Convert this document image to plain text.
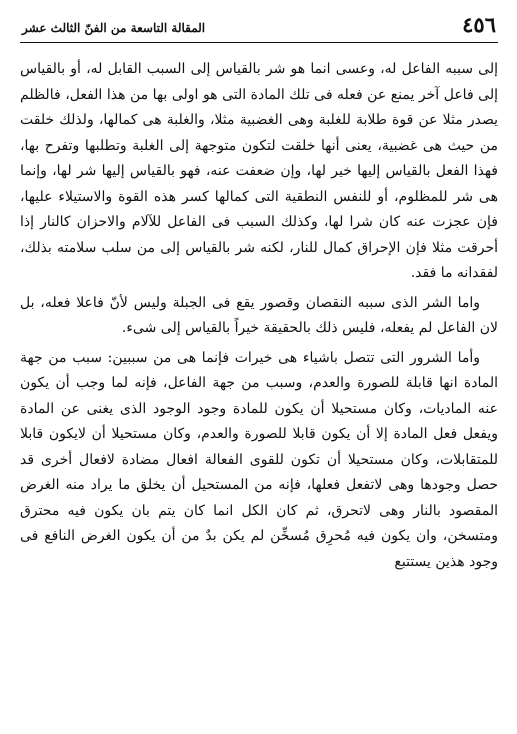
٤٥٦
المقالة التاسعة من الفنّ الثالث عشر

إلى سببه الفاعل له، وعسى انما هو شر بالقياس إلى السبب القابل له، أو بالقياس إلى فاعل آخر يمنع عن فعله فى تلك المادة التى هو اولى بها من هذا الفعل، فالظلم يصدر مثلا عن قوة طلابة للغلبة وهى الغضبية مثلا، والغلبة هى كمالها، ولذلك خلقت من حيث هى غضبية، يعنى أنها خلقت لتكون متوجهة إلى الغلبة وتطلبها وتفرح بها، فهذا الفعل بالقياس إليها خير لها، وإن ضعفت عنه، فهو بالقياس إليها شر لها، وإنما هى شر للمظلوم، أو للنفس النطقية التى كمالها كسر هذه القوة والاستيلاء عليها، فإن عجزت عنه كان شرا لها، وكذلك السبب فى الفاعل للآلام والاحزان كالنار إذا أحرقت مثلا فإن الإحراق كمال للنار، لكنه شر بالقياس إلى من سلب سلامته بذلك، لفقدانه ما فقد.

واما الشر الذى سببه النقصان وقصور يقع فى الجبلة وليس لأنّ فاعلا فعله، بل لان الفاعل لم يفعله، فليس ذلك بالحقيقة خيراً بالقياس إلى شىء.

وأما الشرور التى تتصل باشياء هى خيرات فإنما هى من سببين: سبب من جهة المادة انها قابلة للصورة والعدم، وسبب من جهة الفاعل، فإنه لما وجب أن يكون عنه الماديات، وكان مستحيلا أن يكون للمادة وجود الوجود الذى يغنى عن المادة ويفعل فعل المادة إلا أن يكون قابلا للصورة والعدم، وكان مستحيلا أن لايكون قابلا للمتقابلات، وكان مستحيلا أن تكون للقوى الفعالة افعال مضادة لافعال أخرى قد حصل وجودها وهى لاتفعل فعلها، فإنه من المستحيل أن يخلق ما يراد منه الغرض المقصود بالنار وهى لاتحرق، ثم كان الكل انما كان يتم بان يكون فيه محترق ومتسخن، وان يكون فيه مُحرِق مُسخِّن لم يكن بدٌ من أن يكون الغرض النافع فى وجود هذين يستتبع
